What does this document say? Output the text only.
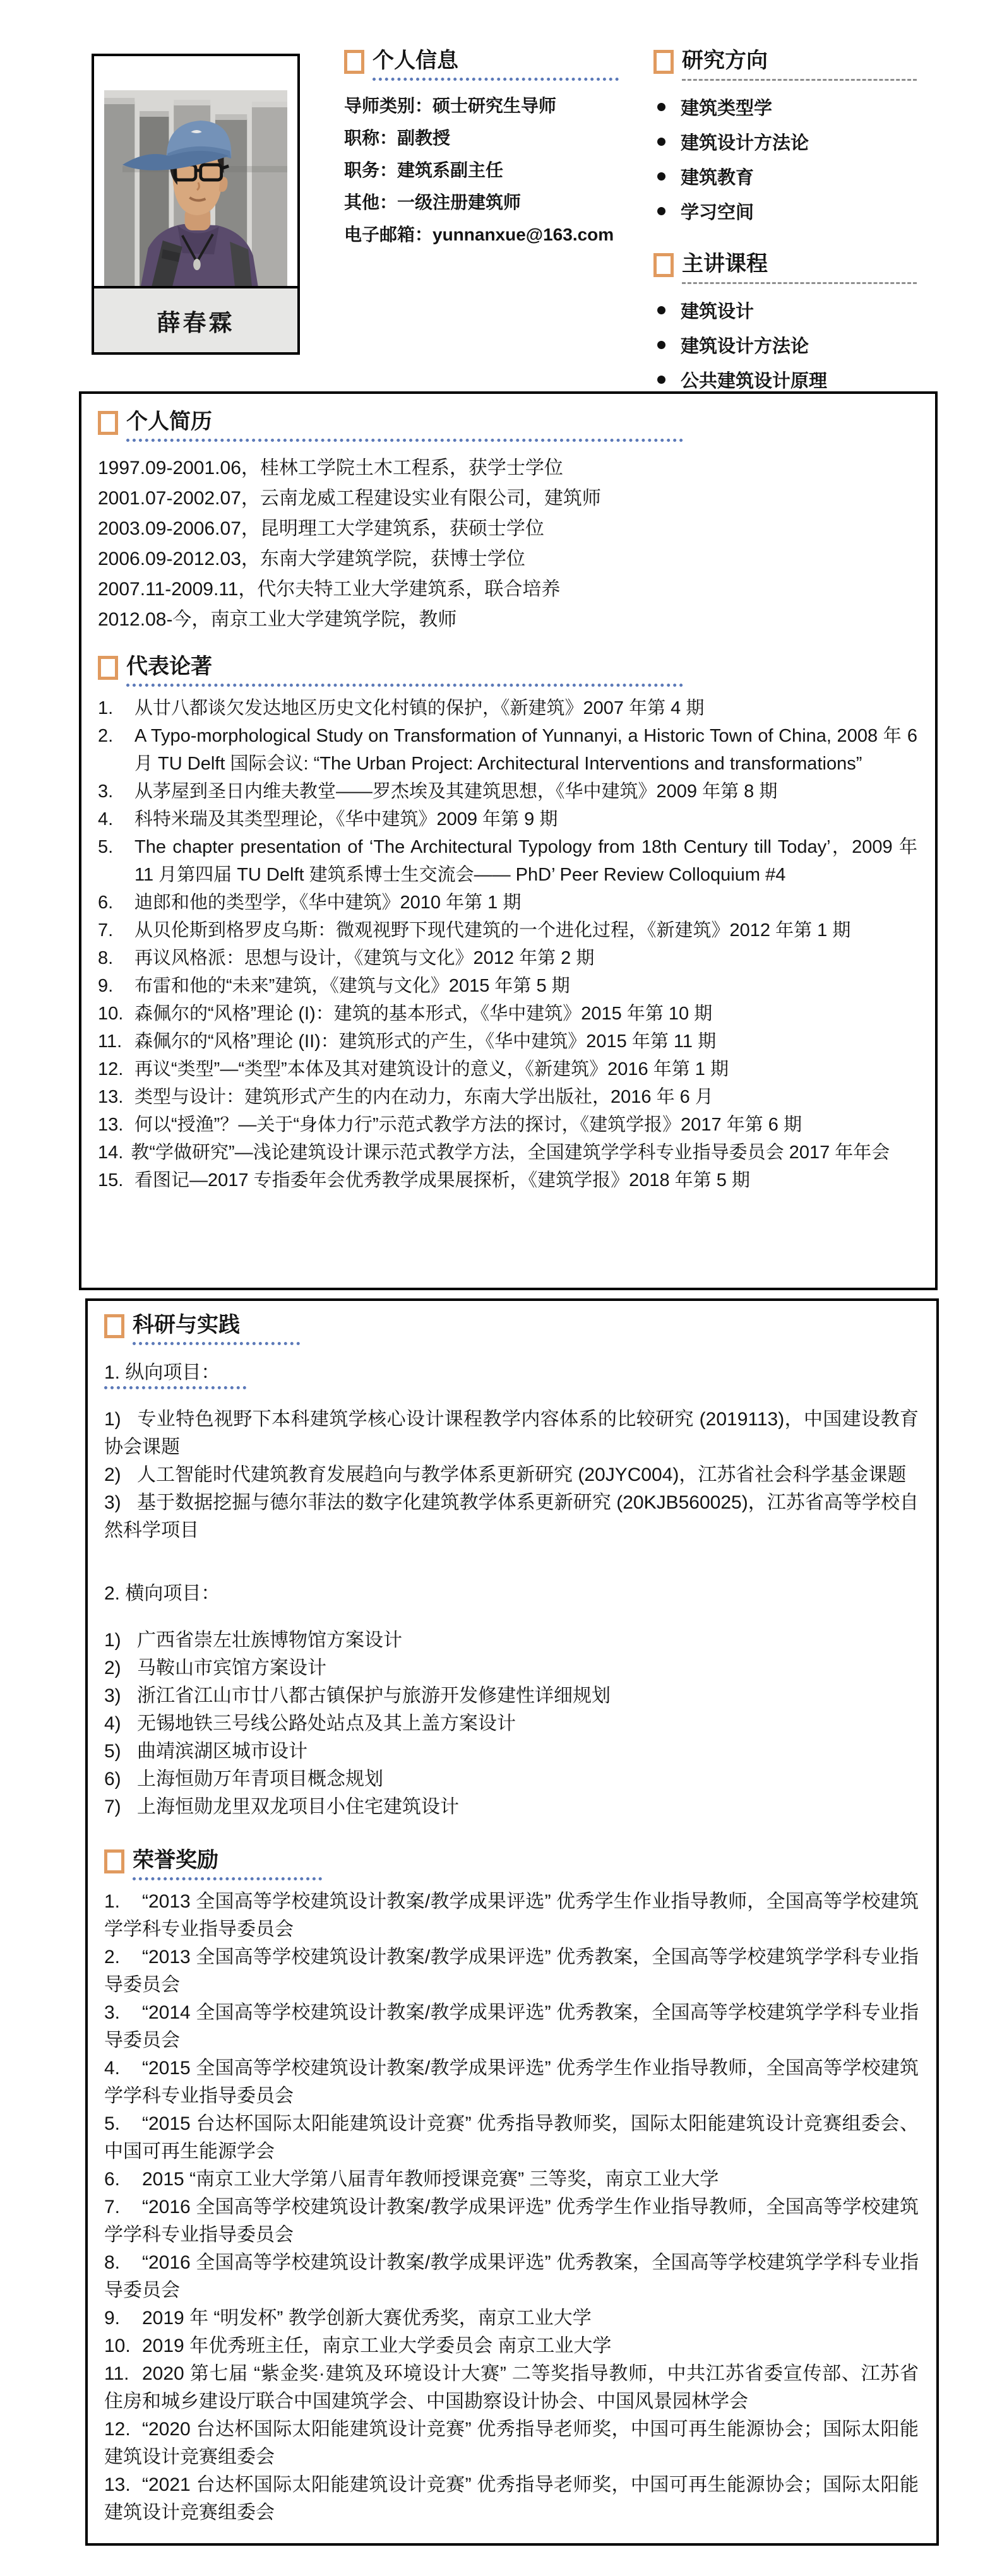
薛春霖
个人信息
导师类别：硕士研究生导师
职称：副教授
职务：建筑系副主任
其他：一级注册建筑师
电子邮箱：yunnanxue@163.com
研究方向
建筑类型学
建筑设计方法论
建筑教育
学习空间
主讲课程
建筑设计
建筑设计方法论
公共建筑设计原理
个人简历

1997.09-2001.06，桂林工学院土木工程系，获学士学位

2001.07-2002.07，云南龙威工程建设实业有限公司，建筑师

2003.09-2006.07，昆明理工大学建筑系，获硕士学位

2006.09-2012.03，东南大学建筑学院，获博士学位

2007.11-2009.11，代尔夫特工业大学建筑系，联合培养

2012.08-今，南京工业大学建筑学院，教师

代表论著

1. 从廿八都谈欠发达地区历史文化村镇的保护，《新建筑》2007 年第 4 期

2. A Typo-morphological Study on Transformation of Yunnanyi, a Historic Town of China, 2008 年 6 月 TU Delft 国际会议: “The Urban Project: Architectural Interventions and transformations”

3. 从茅屋到圣日内维夫教堂——罗杰埃及其建筑思想，《华中建筑》2009 年第 8 期

4. 科特米瑞及其类型理论，《华中建筑》2009 年第 9 期

5. The chapter presentation of ‘The Architectural Typology from 18th Century till Today’，2009 年 11 月第四届 TU Delft 建筑系博士生交流会—— PhD’ Peer Review Colloquium #4

6. 迪郎和他的类型学，《华中建筑》2010 年第 1 期

7. 从贝伦斯到格罗皮乌斯：微观视野下现代建筑的一个进化过程，《新建筑》2012 年第 1 期

8. 再议风格派：思想与设计，《建筑与文化》2012 年第 2 期

9. 布雷和他的“未来”建筑，《建筑与文化》2015 年第 5 期

10. 森佩尔的“风格”理论 (I)：建筑的基本形式，《华中建筑》2015 年第 10 期

11. 森佩尔的“风格”理论 (II)：建筑形式的产生，《华中建筑》2015 年第 11 期

12. 再议“类型”—“类型”本体及其对建筑设计的意义，《新建筑》2016 年第 1 期

13. 类型与设计：建筑形式产生的内在动力，东南大学出版社，2016 年 6 月

13. 何以“授渔”？—关于“身体力行”示范式教学方法的探讨，《建筑学报》2017 年第 6 期

14. 教“学做研究”—浅论建筑设计课示范式教学方法，全国建筑学学科专业指导委员会 2017 年年会

15. 看图记—2017 专指委年会优秀教学成果展探析，《建筑学报》2018 年第 5 期

科研与实践

1. 纵向项目：

1) 专业特色视野下本科建筑学核心设计课程教学内容体系的比较研究 (2019113)，中国建设教育协会课题

2) 人工智能时代建筑教育发展趋向与教学体系更新研究 (20JYC004)，江苏省社会科学基金课题

3) 基于数据挖掘与德尔菲法的数字化建筑教学体系更新研究 (20KJB560025)，江苏省高等学校自然科学项目

2. 横向项目：

1) 广西省崇左壮族博物馆方案设计

2) 马鞍山市宾馆方案设计

3) 浙江省江山市廿八都古镇保护与旅游开发修建性详细规划

4) 无锡地铁三号线公路处站点及其上盖方案设计

5) 曲靖滨湖区城市设计

6) 上海恒勋万年青项目概念规划

7) 上海恒勋龙里双龙项目小住宅建筑设计

荣誉奖励

1. “2013 全国高等学校建筑设计教案/教学成果评选” 优秀学生作业指导教师，全国高等学校建筑学学科专业指导委员会

2. “2013 全国高等学校建筑设计教案/教学成果评选” 优秀教案，全国高等学校建筑学学科专业指导委员会

3. “2014 全国高等学校建筑设计教案/教学成果评选” 优秀教案，全国高等学校建筑学学科专业指导委员会

4. “2015 全国高等学校建筑设计教案/教学成果评选” 优秀学生作业指导教师，全国高等学校建筑学学科专业指导委员会

5. “2015 台达杯国际太阳能建筑设计竞赛” 优秀指导教师奖，国际太阳能建筑设计竞赛组委会、中国可再生能源学会

6. 2015 “南京工业大学第八届青年教师授课竞赛” 三等奖，南京工业大学

7. “2016 全国高等学校建筑设计教案/教学成果评选” 优秀学生作业指导教师，全国高等学校建筑学学科专业指导委员会

8. “2016 全国高等学校建筑设计教案/教学成果评选” 优秀教案，全国高等学校建筑学学科专业指导委员会

9. 2019 年 “明发杯” 教学创新大赛优秀奖，南京工业大学

10. 2019 年优秀班主任，南京工业大学委员会 南京工业大学

11. 2020 第七届 “紫金奖·建筑及环境设计大赛” 二等奖指导教师，中共江苏省委宣传部、江苏省住房和城乡建设厅联合中国建筑学会、中国勘察设计协会、中国风景园林学会

12. “2020 台达杯国际太阳能建筑设计竞赛” 优秀指导老师奖，中国可再生能源协会；国际太阳能建筑设计竞赛组委会

13. “2021 台达杯国际太阳能建筑设计竞赛” 优秀指导老师奖，中国可再生能源协会；国际太阳能建筑设计竞赛组委会
